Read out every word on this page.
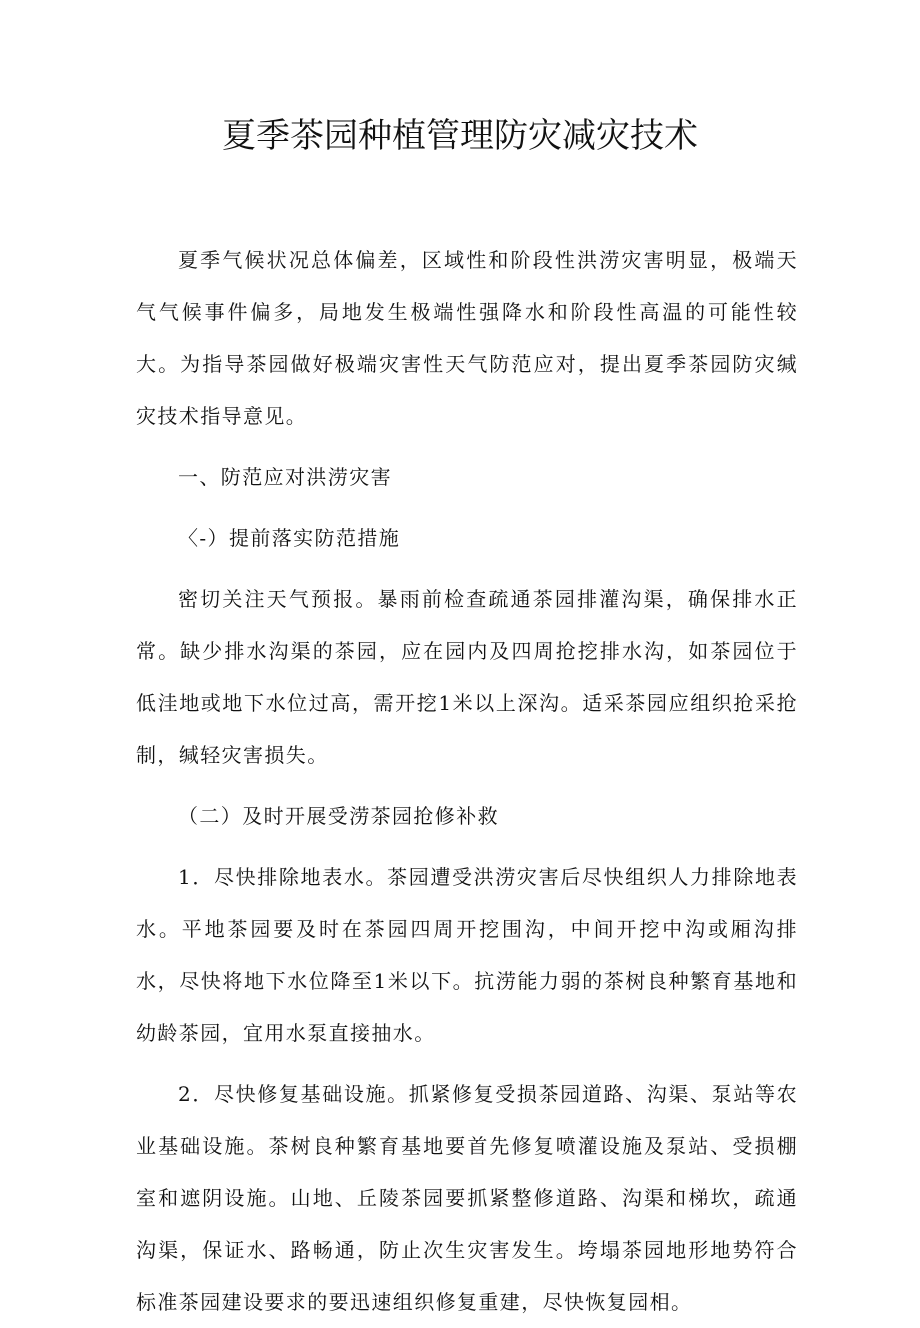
夏季茶园种植管理防灾减灾技术

夏季气候状况总体偏差，区域性和阶段性洪涝灾害明显，极端天气气候事件偏多，局地发生极端性强降水和阶段性高温的可能性较大。为指导茶园做好极端灾害性天气防范应对，提出夏季茶园防灾缄灾技术指导意见。

一、防范应对洪涝灾害

〈-）提前落实防范措施

密切关注天气预报。暴雨前检查疏通茶园排灌沟渠，确保排水正常。缺少排水沟渠的茶园，应在园内及四周抢挖排水沟，如茶园位于低洼地或地下水位过高，需开挖1米以上深沟。适采茶园应组织抢采抢制，缄轻灾害损失。

（二）及时开展受涝茶园抢修补救

1．尽快排除地表水。茶园遭受洪涝灾害后尽快组织人力排除地表水。平地茶园要及时在茶园四周开挖围沟，中间开挖中沟或厢沟排水，尽快将地下水位降至1米以下。抗涝能力弱的茶树良种繁育基地和幼龄茶园，宜用水泵直接抽水。

2．尽快修复基础设施。抓紧修复受损茶园道路、沟渠、泵站等农业基础设施。茶树良种繁育基地要首先修复喷灌设施及泵站、受损棚室和遮阴设施。山地、丘陵茶园要抓紧整修道路、沟渠和梯坎，疏通沟渠，保证水、路畅通，防止次生灾害发生。垮塌茶园地形地势符合标准茶园建设要求的要迅速组织修复重建，尽快恢复园相。
